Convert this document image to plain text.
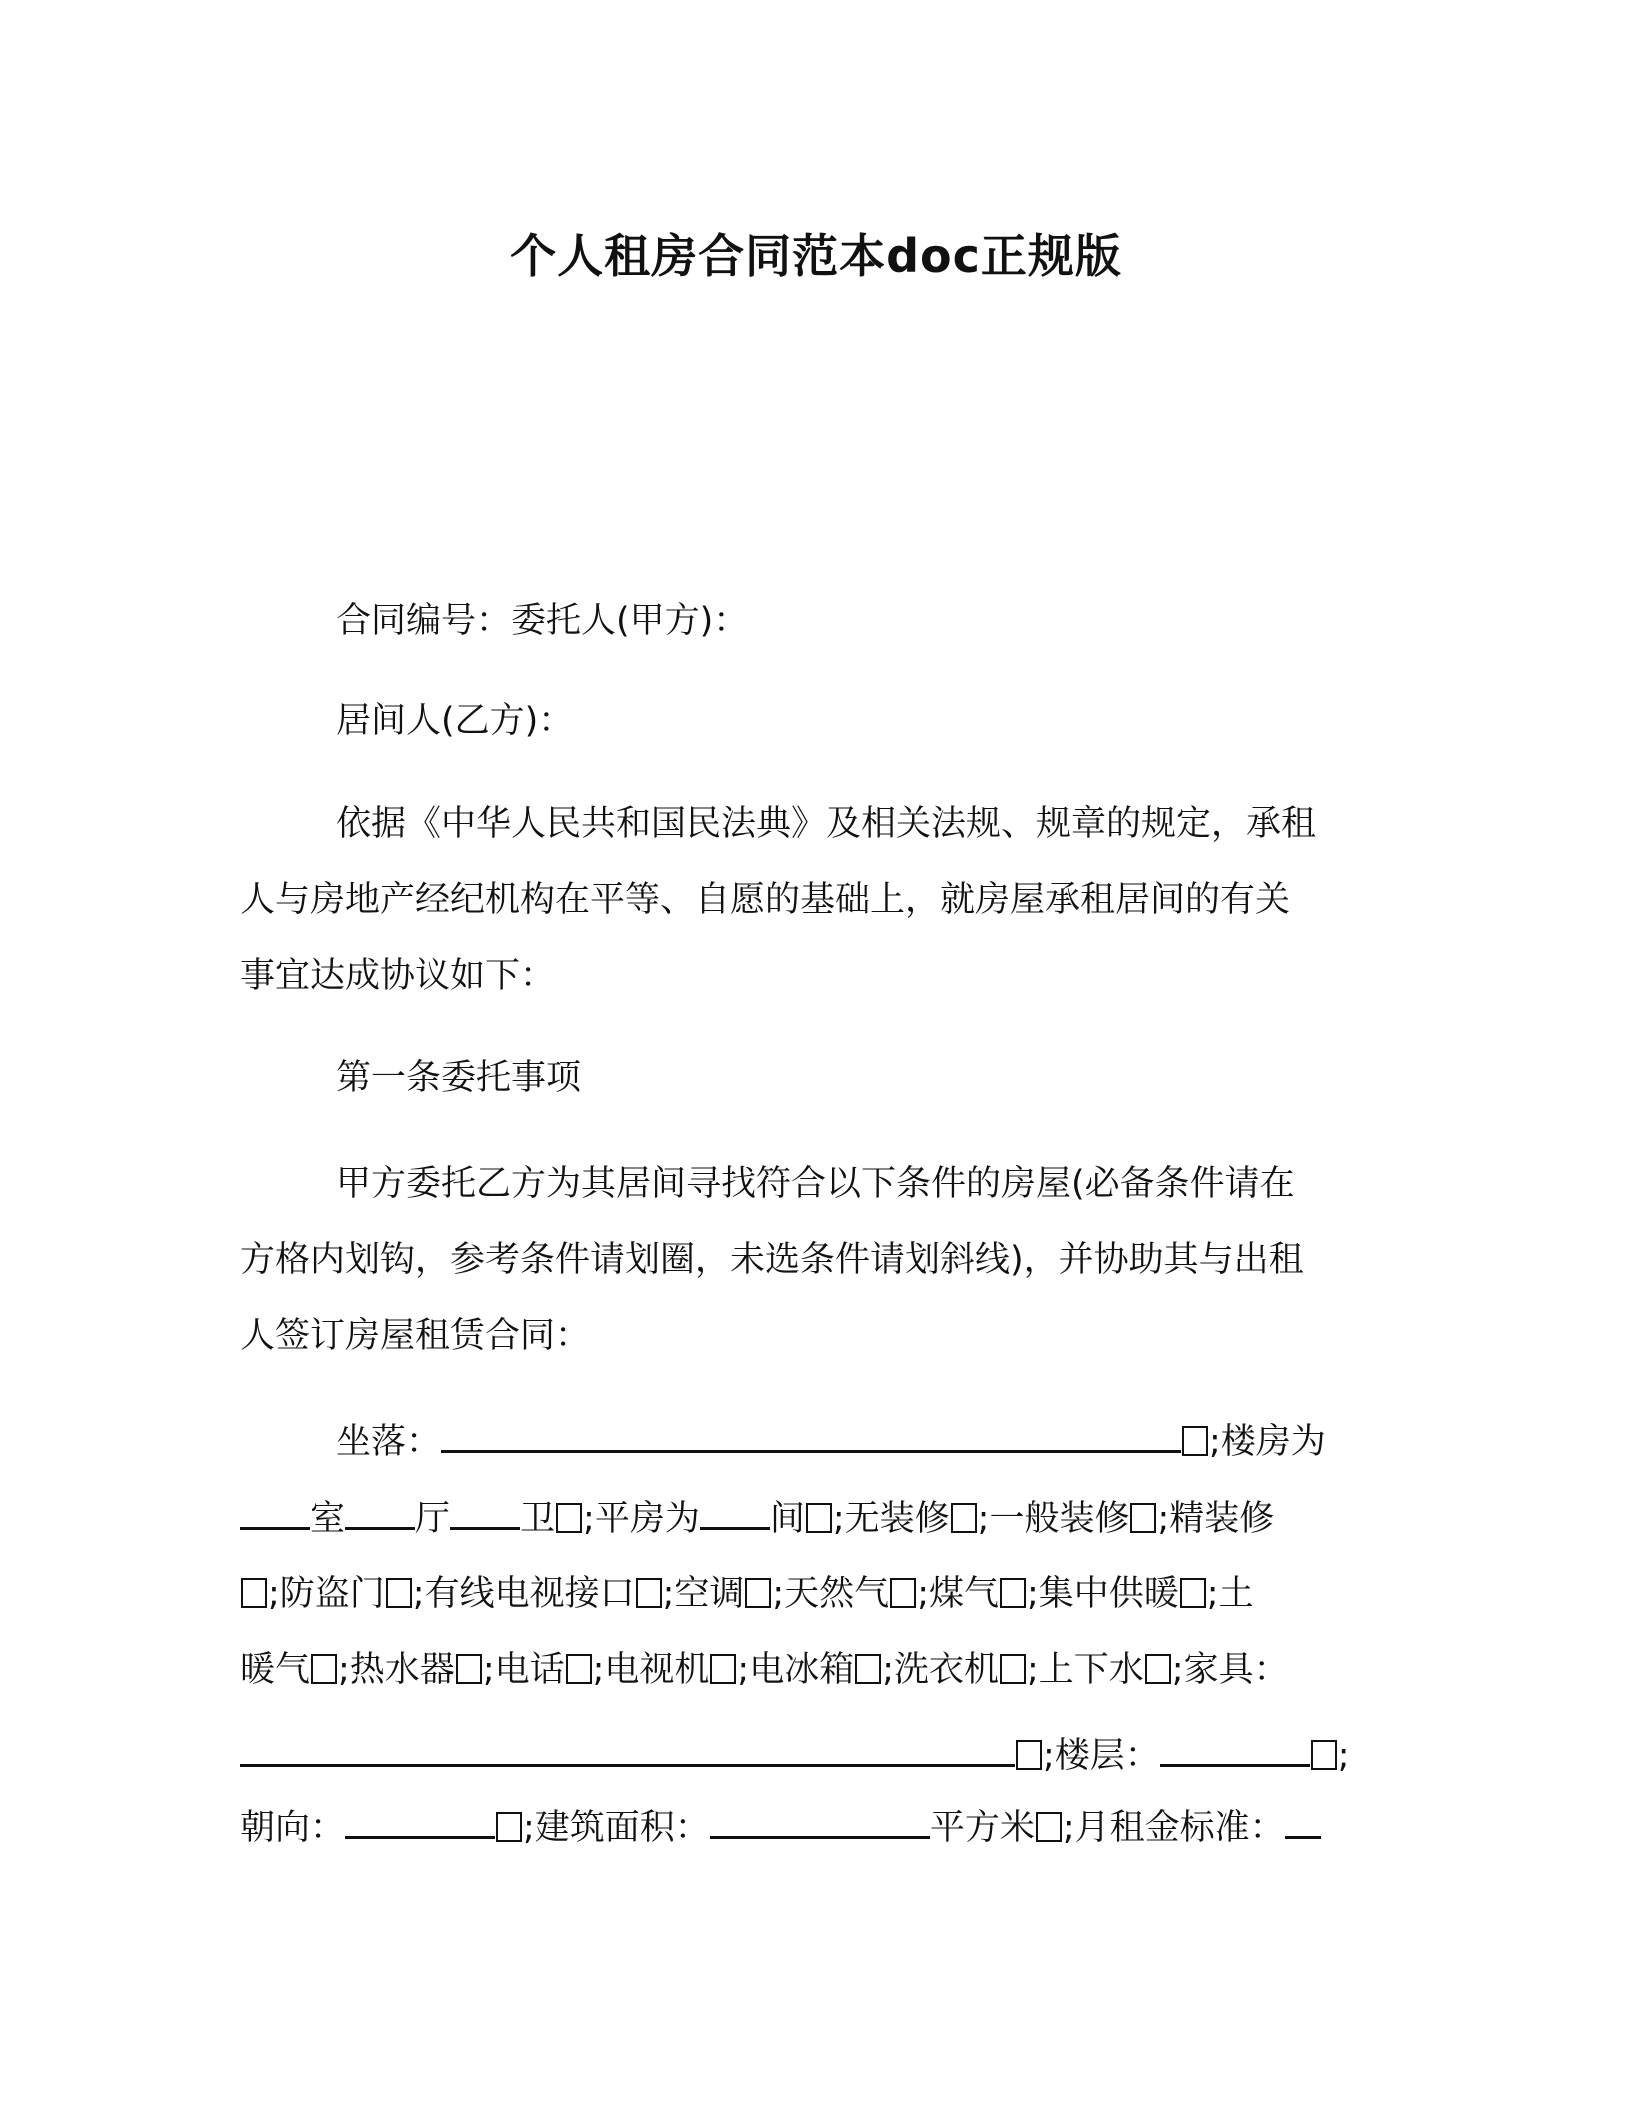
个人租房合同范本doc正规版
合同编号：委托人(甲方)：
居间人(乙方)：
依据《中华人民共和国民法典》及相关法规、规章的规定，承租
人与房地产经纪机构在平等、自愿的基础上，就房屋承租居间的有关
事宜达成协议如下：
第一条委托事项
甲方委托乙方为其居间寻找符合以下条件的房屋(必备条件请在
方格内划钩，参考条件请划圈，未选条件请划斜线)，并协助其与出租
人签订房屋租赁合同：
坐落：	;楼房为
室 厅 卫 ;平房为 间 ;无装修 ;一般装修 ;精装修
;防盗门 ;有线电视接口 ;空调 ;天然气 ;煤气 ;集中供暖 ;土
暖气 ;热水器 ;电话 ;电视机 ;电冰箱 ;洗衣机 ;上下水 ;家具：
;楼层：	;
朝向：	;建筑面积：	平方米 ;月租金标准：
